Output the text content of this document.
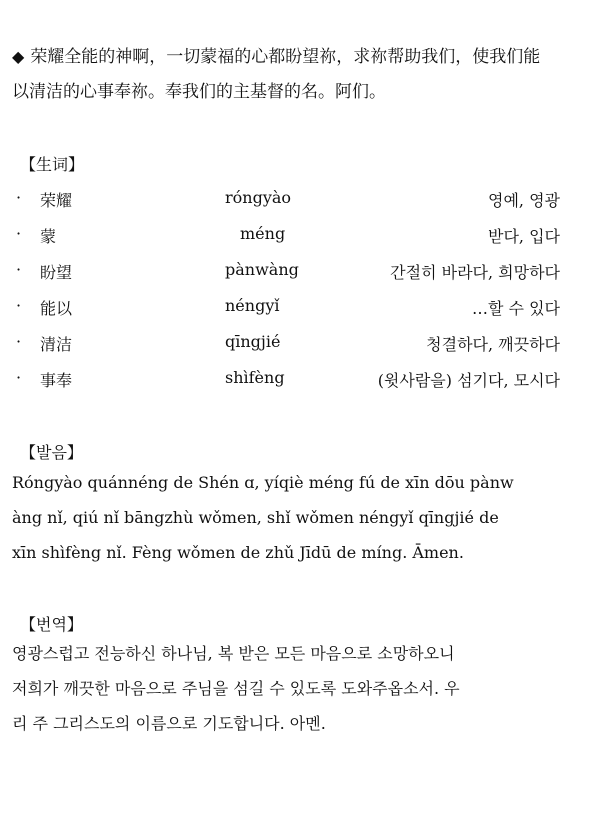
◆ 荣耀全能的神啊，一切蒙福的心都盼望祢，求祢帮助我们，使我们能
以清洁的心事奉祢。奉我们的主基督的名。阿们。
【生词】
· 荣耀	róngyào	영예, 영광
· 蒙	méng	받다, 입다
· 盼望	pànwàng	간절히 바라다, 희망하다
· 能以	néngyǐ	…할 수 있다
· 清洁	qīngjié	청결하다, 깨끗하다
· 事奉	shìfèng	(윗사람을) 섬기다, 모시다
【발음】
Róngyào quánnéng de Shén ɑ, yíqiè méng fú de xīn dōu pànw
àng nǐ, qiú nǐ bāngzhù wǒmen, shǐ wǒmen néngyǐ qīngjié de
xīn shìfèng nǐ. Fèng wǒmen de zhǔ Jīdū de míng. Āmen.
【번역】
영광스럽고 전능하신 하나님, 복 받은 모든 마음으로 소망하오니
저희가 깨끗한 마음으로 주님을 섬길 수 있도록 도와주옵소서. 우
리 주 그리스도의 이름으로 기도합니다. 아멘.
